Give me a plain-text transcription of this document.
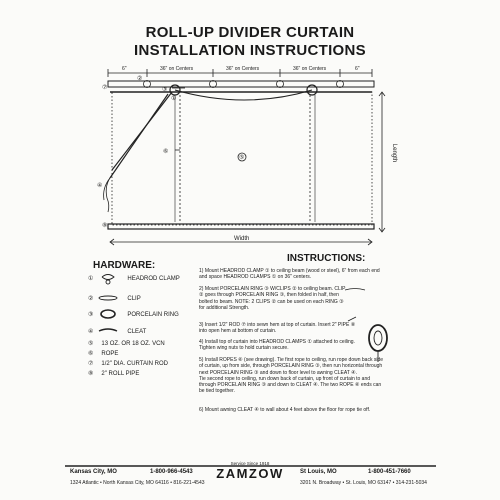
ROLL-UP DIVIDER CURTAIN
INSTALLATION INSTRUCTIONS
6"	36" on Centers	36" on Centers	36" on Centers	6"
Width
Length
①
②
③
④
⑤
⑥
⑦
⑧
HARDWARE:
①	HEADROD CLAMP
②	CLIP
③	PORCELAIN RING
④	CLEAT
⑤ 13 OZ. OR 18 OZ. VCN
⑥ ROPE
⑦ 1/2" DIA. CURTAIN ROD
⑧ 2" ROLL PIPE
INSTRUCTIONS:
1) Mount HEADROD CLAMP ① to ceiling beam (wood or steel), 6" from each end and space HEADROD CLAMPS ① on 36" centers.
2) Mount PORCELAIN RING ③ W/CLIPS ② to ceiling beam. CLIP ② goes through PORCELAIN RING ③, then folded in half, then bolted to beam. NOTE: 2 CLIPS ② can be used on each RING ③ for additional Strength.
3) Insert 1/2" ROD ⑦ into sewn hem at top of curtain. Insert 2" PIPE ⑧ into open hem at bottom of curtain.
4) Install top of curtain into HEADROD CLAMPS ① attached to ceiling. Tighten wing nuts to hold curtain secure.
5) Install ROPES ⑥ (see drawing). Tie first rope to ceiling, run rope down back side of curtain, up from side, through PORCELAIN RING ③, then run horizontal through next PORCELAIN RING ③ and down to floor level to awning CLEAT ④.
Tie second rope to ceiling, run down back of curtain, up front of curtain to and through PORCELAIN RING ③ and down to CLEAT ④. The two ROPE ⑥ ends can be tied together.
6) Mount awning CLEAT ④ to wall about 4 feet above the floor for rope tie off.
Service Since 1918
ZAMZOW
Kansas City, MO	1-800-966-4543
1324 Atlantic • North Kansas City, MO 64116 • 816-221-4543
St Louis, MO	1-800-451-7660
3201 N. Broadway • St. Louis, MO 63147 • 314-231-5034
